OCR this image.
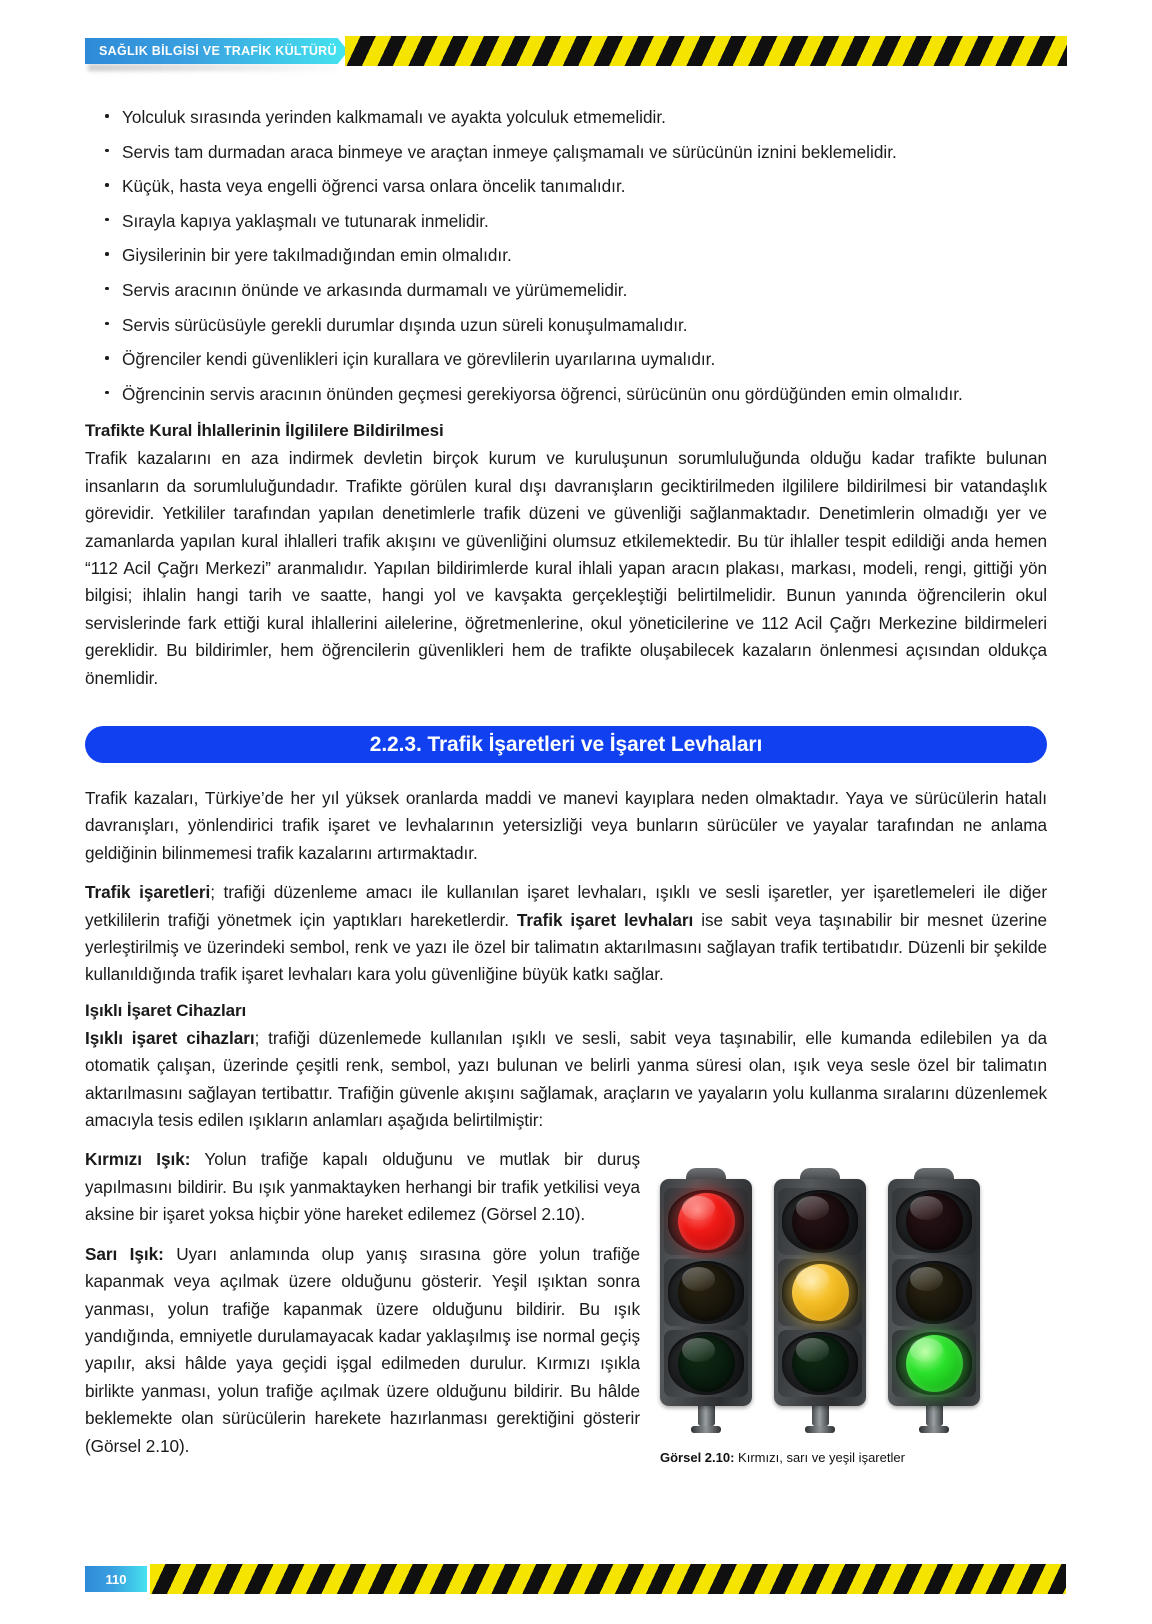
SAĞLIK BİLGİSİ VE TRAFİK KÜLTÜRÜ
Yolculuk sırasında yerinden kalkmamalı ve ayakta yolculuk etmemelidir.
Servis tam durmadan araca binmeye ve araçtan inmeye çalışmamalı ve sürücünün iznini beklemelidir.
Küçük, hasta veya engelli öğrenci varsa onlara öncelik tanımalıdır.
Sırayla kapıya yaklaşmalı ve tutunarak inmelidir.
Giysilerinin bir yere takılmadığından emin olmalıdır.
Servis aracının önünde ve arkasında durmamalı ve yürümemelidir.
Servis sürücüsüyle gerekli durumlar dışında uzun süreli konuşulmamalıdır.
Öğrenciler kendi güvenlikleri için kurallara ve görevlilerin uyarılarına uymalıdır.
Öğrencinin servis aracının önünden geçmesi gerekiyorsa öğrenci, sürücünün onu gördüğünden emin olmalıdır.
Trafikte Kural İhlallerinin İlgililere Bildirilmesi

Trafik kazalarını en aza indirmek devletin birçok kurum ve kuruluşunun sorumluluğunda olduğu kadar trafikte bulunan insanların da sorumluluğundadır. Trafikte görülen kural dışı davranışların geciktirilmeden ilgililere bildirilmesi bir vatandaşlık görevidir. Yetkililer tarafından yapılan denetimlerle trafik düzeni ve güvenliği sağlanmaktadır. Denetimlerin olmadığı yer ve zamanlarda yapılan kural ihlalleri trafik akışını ve güvenliğini olumsuz etkilemektedir. Bu tür ihlaller tespit edildiği anda hemen “112 Acil Çağrı Merkezi” aranmalıdır. Yapılan bildirimlerde kural ihlali yapan aracın plakası, markası, modeli, rengi, gittiği yön bilgisi; ihlalin hangi tarih ve saatte, hangi yol ve kavşakta gerçekleştiği belirtilmelidir. Bunun yanında öğrencilerin okul servislerinde fark ettiği kural ihlallerini ailelerine, öğretmenlerine, okul yöneticilerine ve 112 Acil Çağrı Merkezine bildirmeleri gereklidir. Bu bildirimler, hem öğrencilerin güvenlikleri hem de trafikte oluşabilecek kazaların önlenmesi açısından oldukça önemlidir.

2.2.3. Trafik İşaretleri ve İşaret Levhaları

Trafik kazaları, Türkiye’de her yıl yüksek oranlarda maddi ve manevi kayıplara neden olmaktadır. Yaya ve sürücülerin hatalı davranışları, yönlendirici trafik işaret ve levhalarının yetersizliği veya bunların sürücüler ve yayalar tarafından ne anlama geldiğinin bilinmemesi trafik kazalarını artırmaktadır.

Trafik işaretleri; trafiği düzenleme amacı ile kullanılan işaret levhaları, ışıklı ve sesli işaretler, yer işaretlemeleri ile diğer yetkililerin trafiği yönetmek için yaptıkları hareketlerdir. Trafik işaret levhaları ise sabit veya taşınabilir bir mesnet üzerine yerleştirilmiş ve üzerindeki sembol, renk ve yazı ile özel bir talimatın aktarılmasını sağlayan trafik tertibatıdır. Düzenli bir şekilde kullanıldığında trafik işaret levhaları kara yolu güvenliğine büyük katkı sağlar.

Işıklı İşaret Cihazları

Işıklı işaret cihazları; trafiği düzenlemede kullanılan ışıklı ve sesli, sabit veya taşınabilir, elle kumanda edilebilen ya da otomatik çalışan, üzerinde çeşitli renk, sembol, yazı bulunan ve belirli yanma süresi olan, ışık veya sesle özel bir talimatın aktarılmasını sağlayan tertibattır. Trafiğin güvenle akışını sağlamak, araçların ve yayaların yolu kullanma sıralarını düzenlemek amacıyla tesis edilen ışıkların anlamları aşağıda belirtilmiştir:

Kırmızı Işık: Yolun trafiğe kapalı olduğunu ve mutlak bir duruş yapılmasını bildirir. Bu ışık yanmaktayken herhangi bir trafik yetkilisi veya aksine bir işaret yoksa hiçbir yöne hareket edilemez (Görsel 2.10).

Sarı Işık: Uyarı anlamında olup yanış sırasına göre yolun trafiğe kapanmak veya açılmak üzere olduğunu gösterir. Yeşil ışıktan sonra yanması, yolun trafiğe kapanmak üzere olduğunu bildirir. Bu ışık yandığında, emniyetle durulamayacak kadar yaklaşılmış ise normal geçiş yapılır, aksi hâlde yaya geçidi işgal edilmeden durulur. Kırmızı ışıkla birlikte yanması, yolun trafiğe açılmak üzere olduğunu bildirir. Bu hâlde beklemekte olan sürücülerin harekete hazırlanması gerektiğini gösterir (Görsel 2.10).

Görsel 2.10: Kırmızı, sarı ve yeşil işaretler
110
